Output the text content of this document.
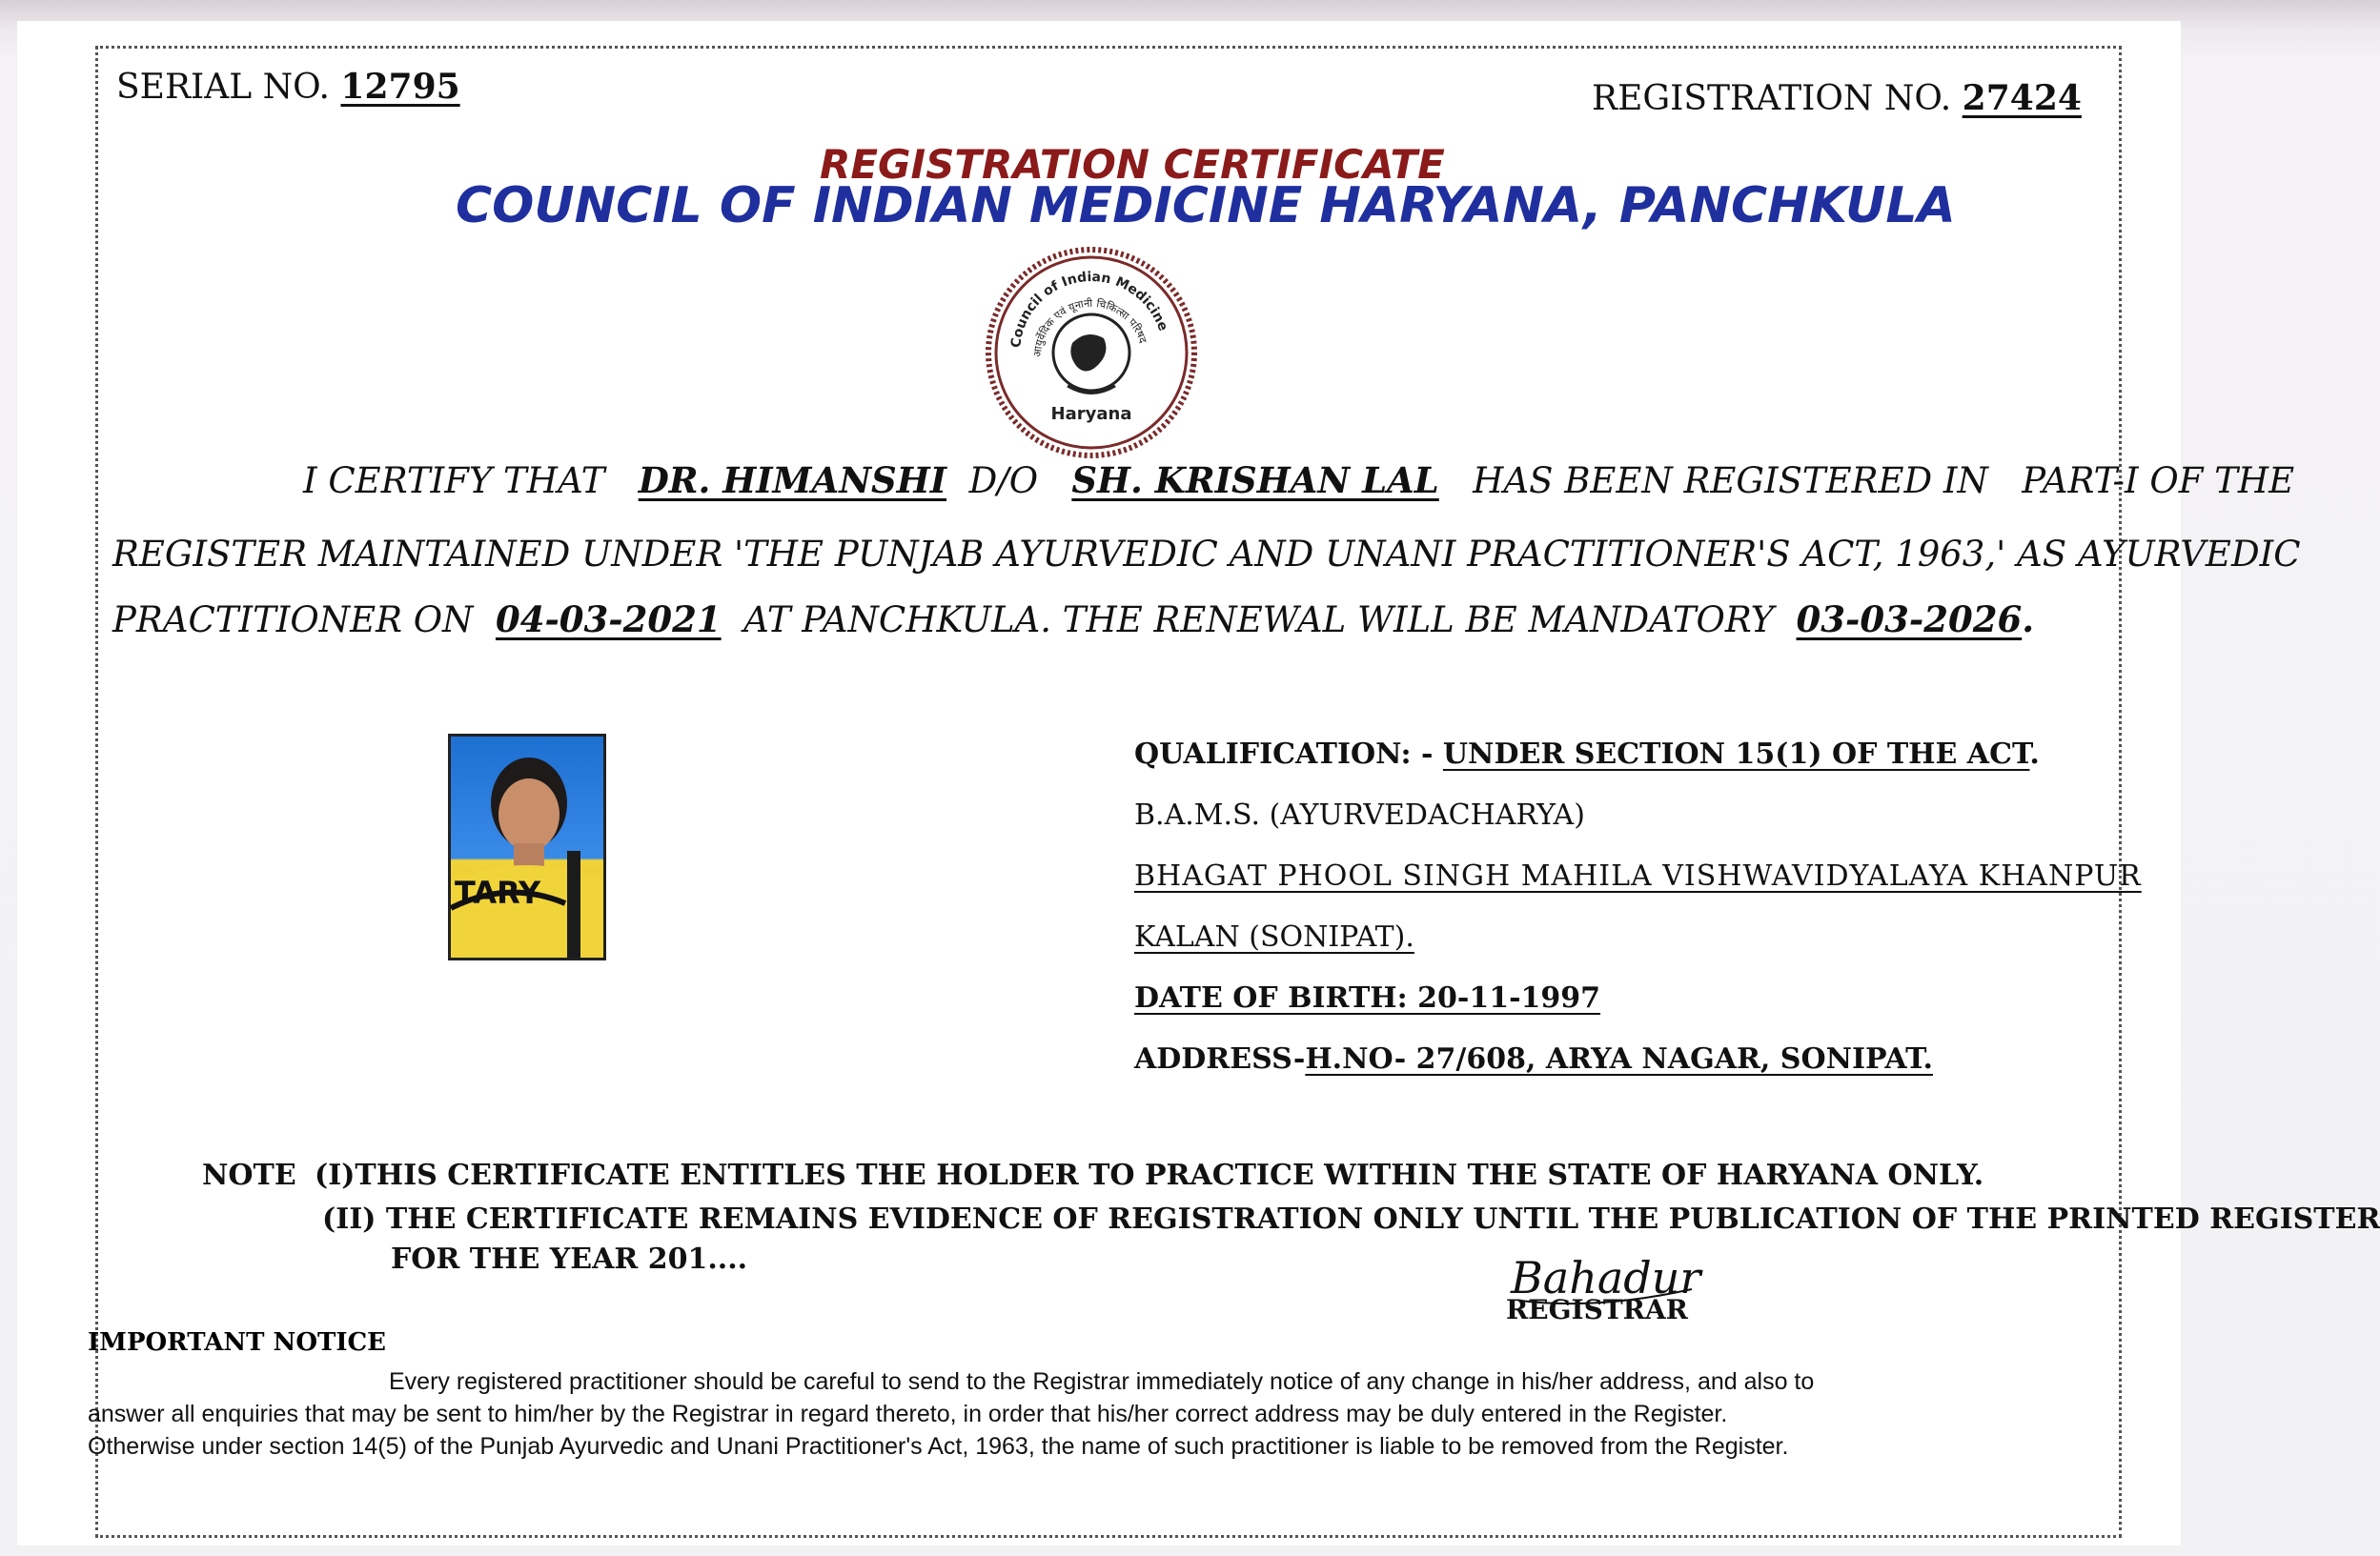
SERIAL NO. 12795	REGISTRATION NO. 27424
REGISTRATION CERTIFICATE
COUNCIL OF INDIAN MEDICINE HARYANA, PANCHKULA
Council of Indian Medicine
आयुर्वेदिक एवं यूनानी चिकित्सा परिषद
Haryana
I CERTIFY THAT DR. HIMANSHI D/O SH. KRISHAN LAL HAS BEEN REGISTERED IN PART-I OF THE
REGISTER MAINTAINED UNDER 'THE PUNJAB AYURVEDIC AND UNANI PRACTITIONER'S ACT, 1963,' AS AYURVEDIC
PRACTITIONER ON 04-03-2021 AT PANCHKULA. THE RENEWAL WILL BE MANDATORY 03-03-2026.
TARY
QUALIFICATION: - UNDER SECTION 15(1) OF THE ACT.
B.A.M.S. (AYURVEDACHARYA)
BHAGAT PHOOL SINGH MAHILA VISHWAVIDYALAYA KHANPUR
KALAN (SONIPAT).
DATE OF BIRTH: 20-11-1997
ADDRESS-H.NO- 27/608, ARYA NAGAR, SONIPAT.
NOTE (I)THIS CERTIFICATE ENTITLES THE HOLDER TO PRACTICE WITHIN THE STATE OF HARYANA ONLY.
(II) THE CERTIFICATE REMAINS EVIDENCE OF REGISTRATION ONLY UNTIL THE PUBLICATION OF THE PRINTED REGISTER
FOR THE YEAR 201....	Bahadur
REGISTRAR
IMPORTANT NOTICE
Every registered practitioner should be careful to send to the Registrar immediately notice of any change in his/her address, and also to
answer all enquiries that may be sent to him/her by the Registrar in regard thereto, in order that his/her correct address may be duly entered in the Register.
Otherwise under section 14(5) of the Punjab Ayurvedic and Unani Practitioner's Act, 1963, the name of such practitioner is liable to be removed from the Register.
